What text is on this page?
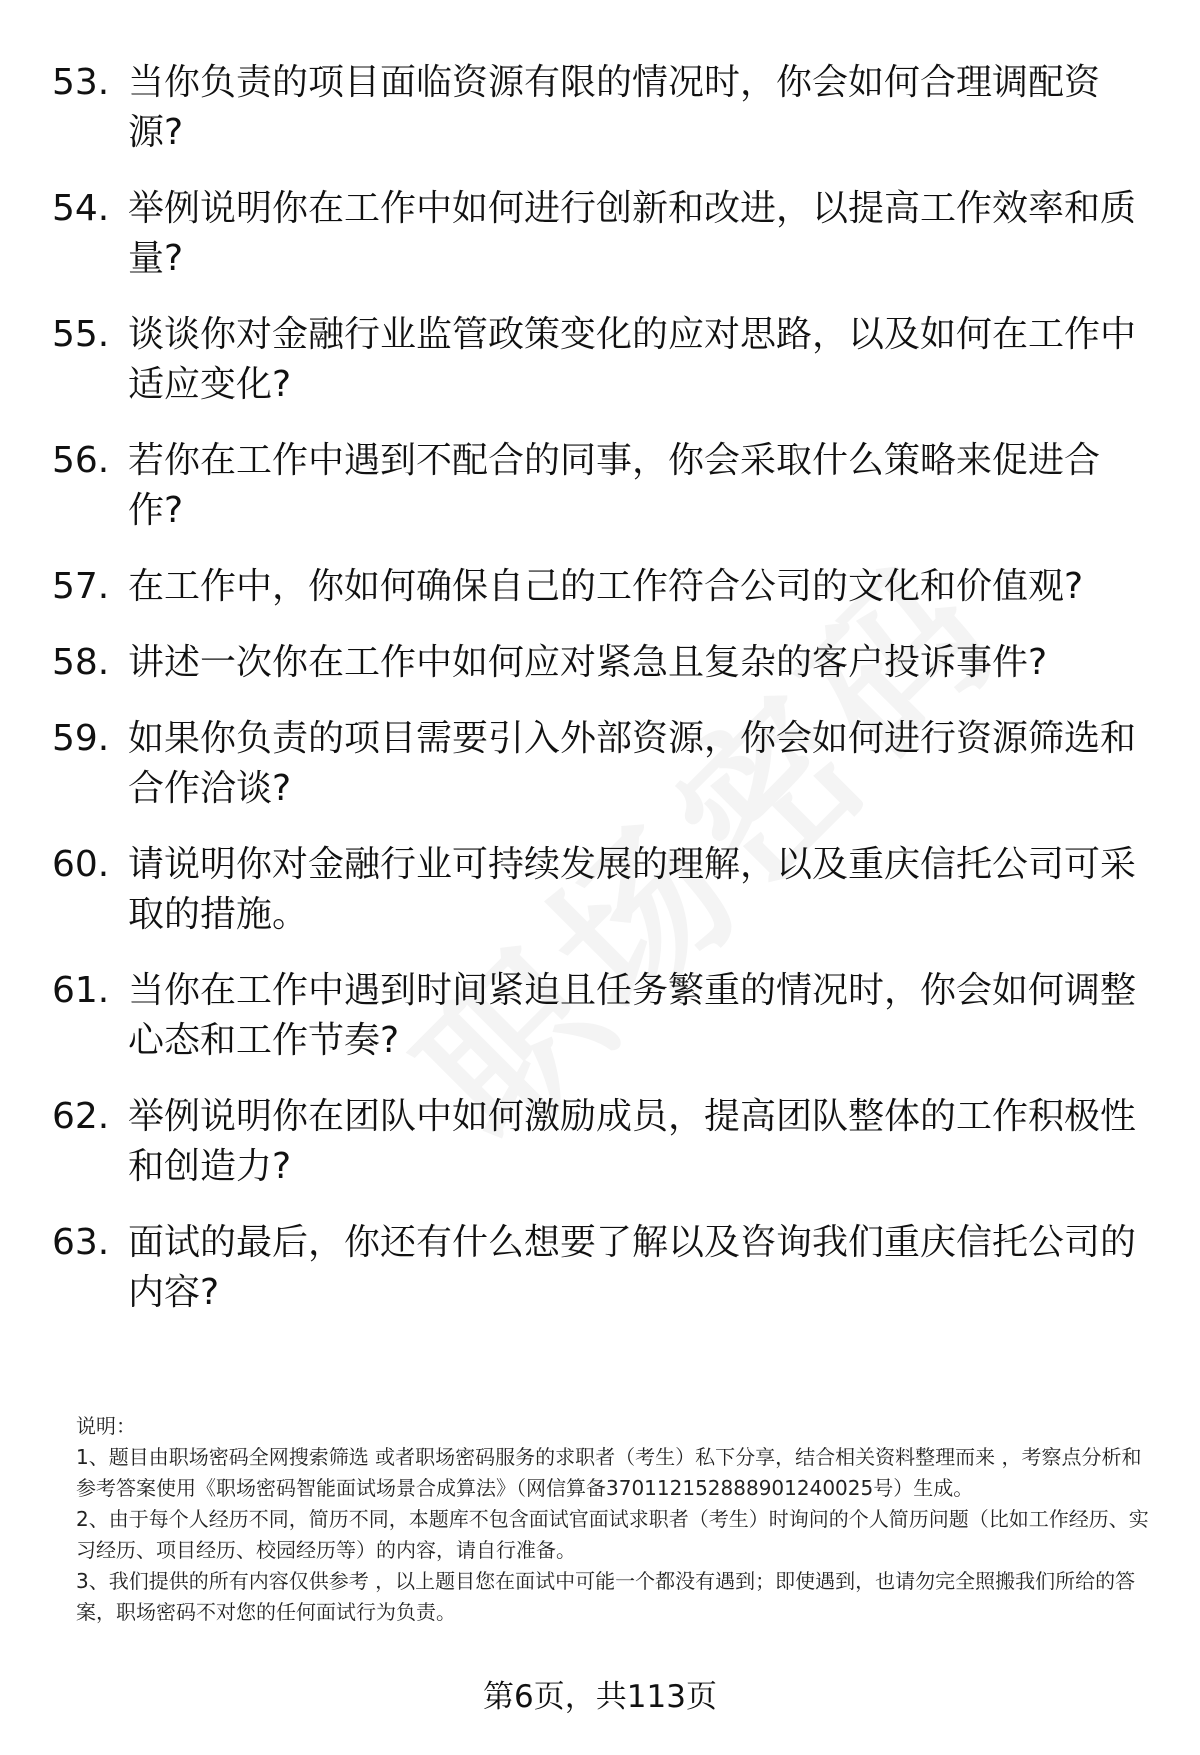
53. 当你负责的项目面临资源有限的情况时，你会如何合理调配资源?
54. 举例说明你在工作中如何进行创新和改进，以提高工作效率和质量?
55. 谈谈你对金融行业监管政策变化的应对思路，以及如何在工作中适应变化?
56. 若你在工作中遇到不配合的同事，你会采取什么策略来促进合作?
57. 在工作中，你如何确保自己的工作符合公司的文化和价值观?
58. 讲述一次你在工作中如何应对紧急且复杂的客户投诉事件?
59. 如果你负责的项目需要引入外部资源，你会如何进行资源筛选和合作洽谈?
60. 请说明你对金融行业可持续发展的理解，以及重庆信托公司可采取的措施。
61. 当你在工作中遇到时间紧迫且任务繁重的情况时，你会如何调整心态和工作节奏?
62. 举例说明你在团队中如何激励成员，提高团队整体的工作积极性和创造力?
63. 面试的最后，你还有什么想要了解以及咨询我们重庆信托公司的内容?

说明：

1、题目由职场密码全网搜索筛选 或者职场密码服务的求职者（考生）私下分享，结合相关资料整理而来 ，考察点分析和参考答案使用《职场密码智能面试场景合成算法》（网信算备370112152888901240025号）生成。

2、由于每个人经历不同，简历不同，本题库不包含面试官面试求职者（考生）时询问的个人简历问题（比如工作经历、实习经历、项目经历、校园经历等）的内容，请自行准备。

3、我们提供的所有内容仅供参考 ，以上题目您在面试中可能一个都没有遇到；即使遇到，也请勿完全照搬我们所给的答案，职场密码不对您的任何面试行为负责。

第6页，共113页
